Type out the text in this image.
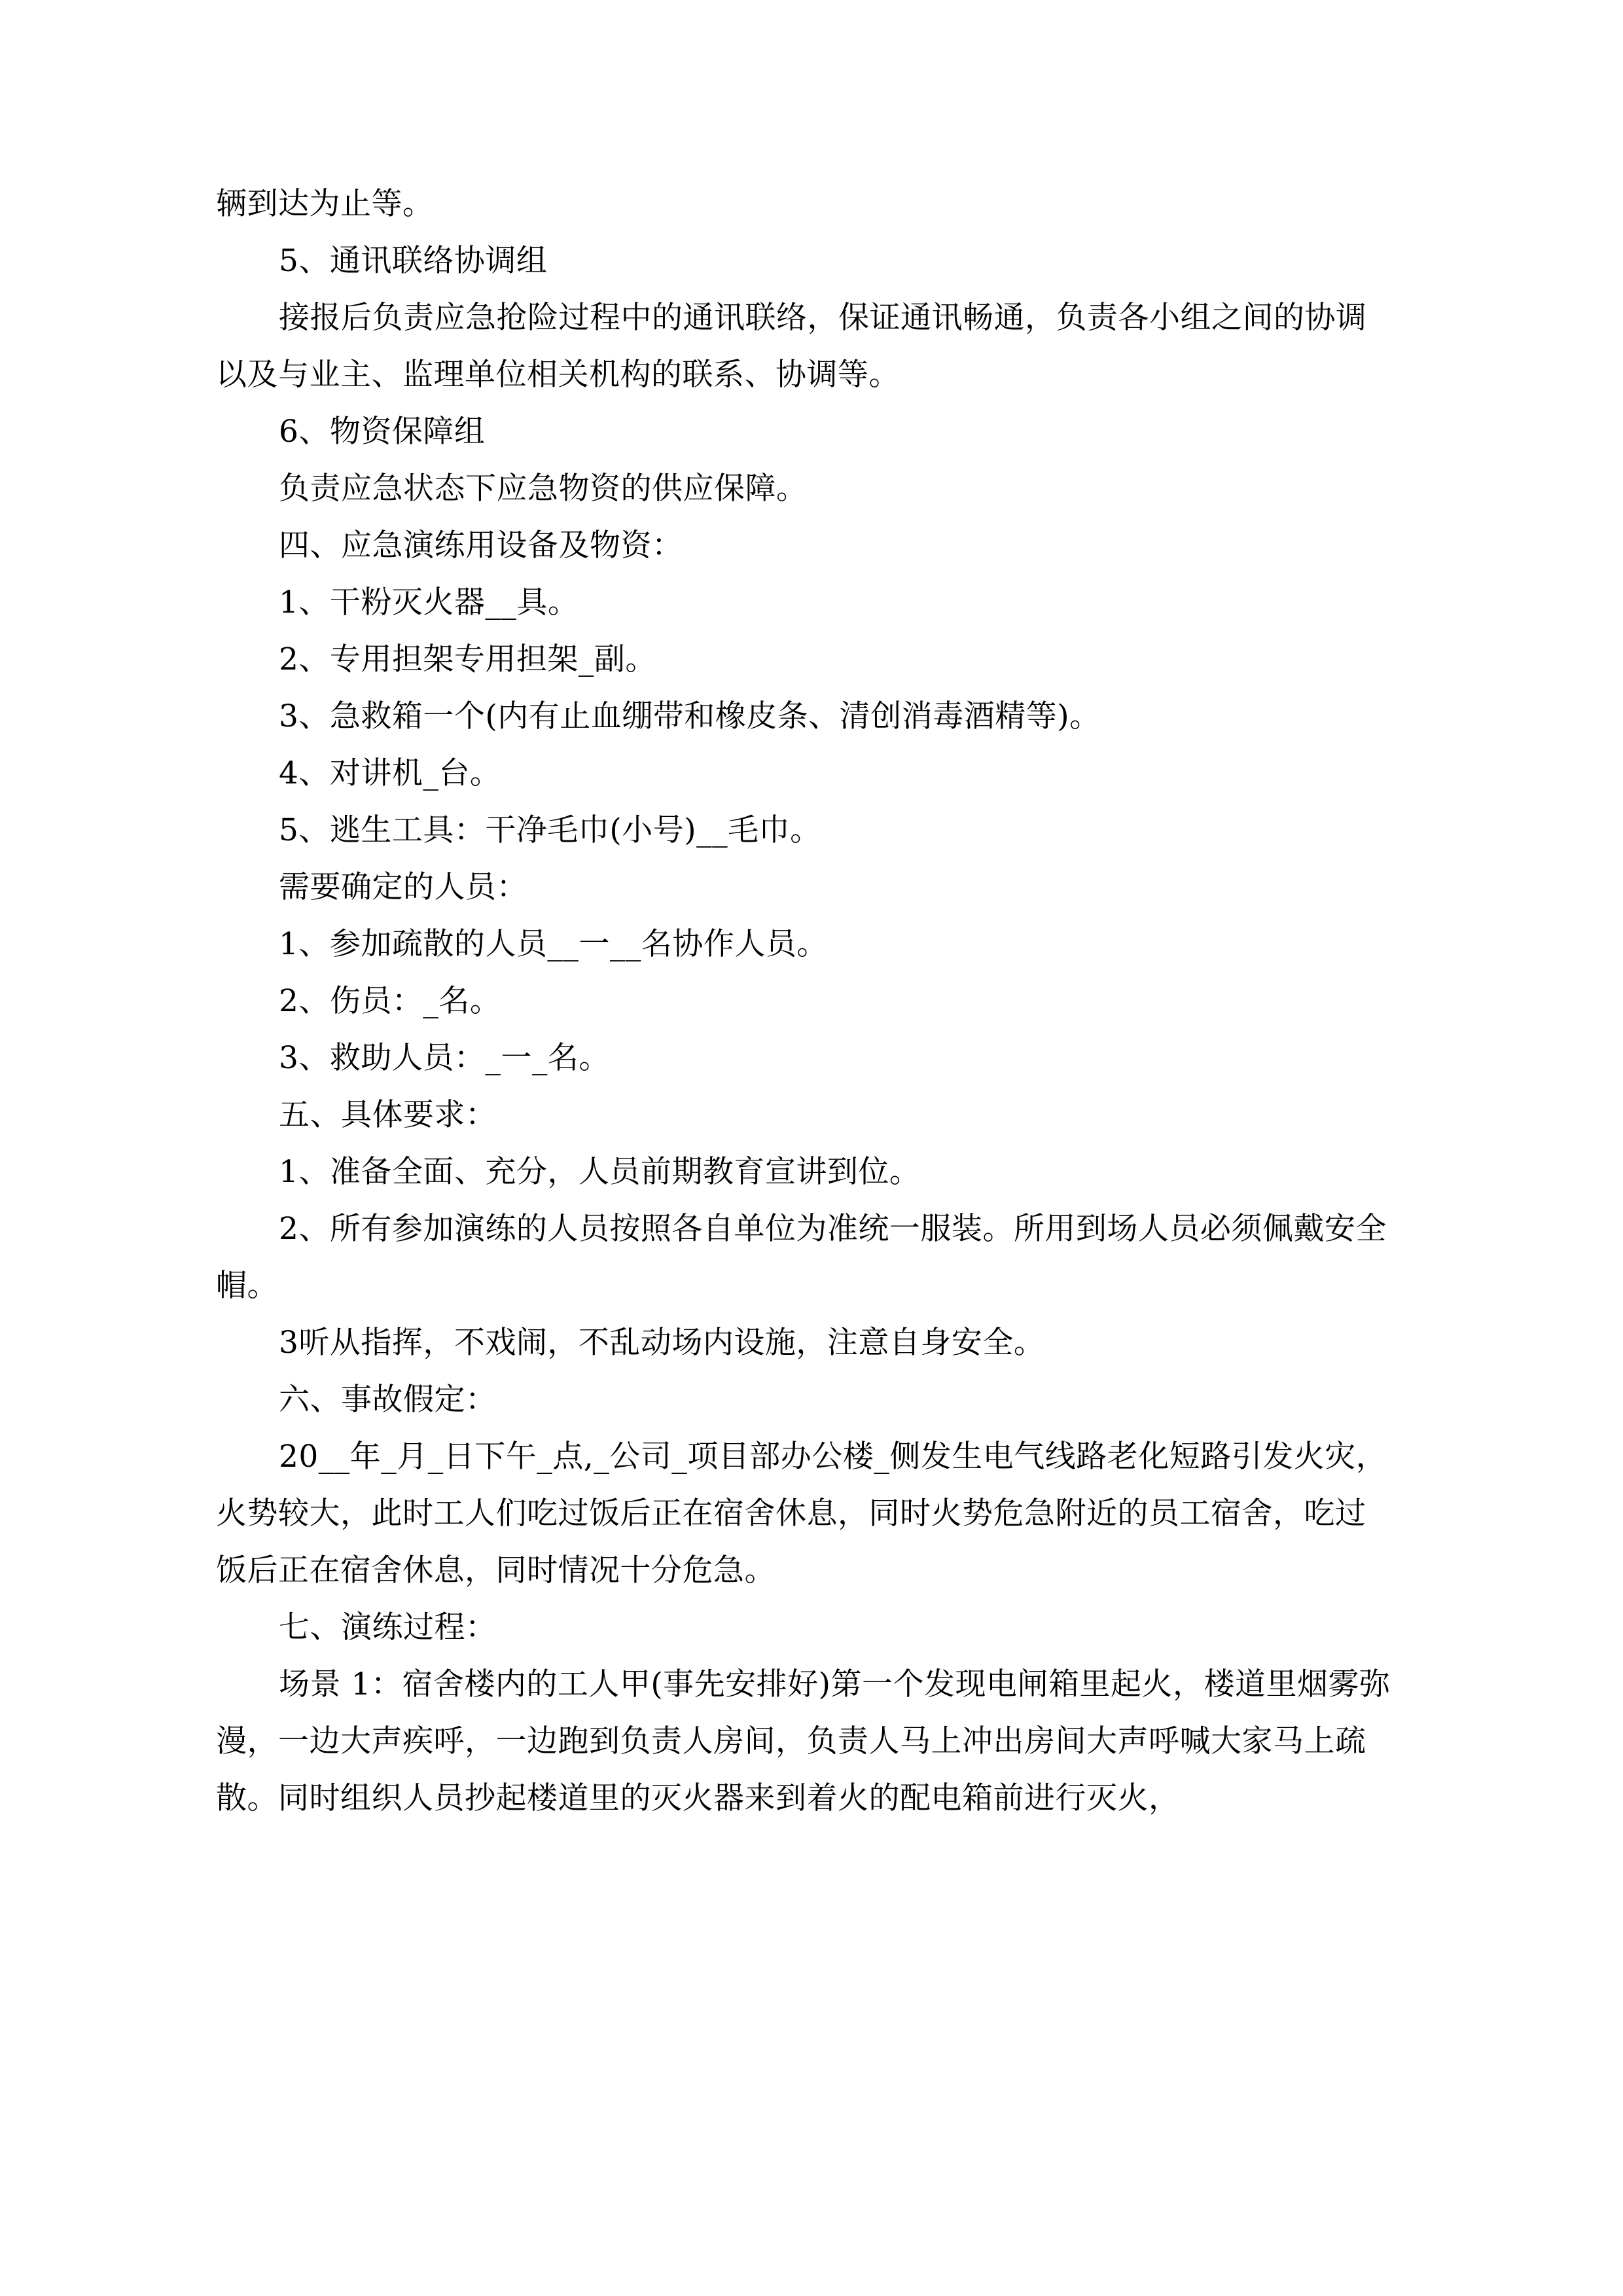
辆到达为止等。
5、通讯联络协调组
接报后负责应急抢险过程中的通讯联络，保证通讯畅通，负责各小组之间的协调以及与业主、监理单位相关机构的联系、协调等。
6、物资保障组
负责应急状态下应急物资的供应保障。
四、应急演练用设备及物资：
1、干粉灭火器__具。
2、专用担架专用担架_副。
3、急救箱一个(内有止血绷带和橡皮条、清创消毒酒精等)。
4、对讲机_台。
5、逃生工具：干净毛巾(小号)__毛巾。
需要确定的人员：
1、参加疏散的人员__一__名协作人员。
2、伤员：_名。
3、救助人员：_一_名。
五、具体要求：
1、准备全面、充分，人员前期教育宣讲到位。
2、所有参加演练的人员按照各自单位为准统一服装。所用到场人员必须佩戴安全帽。
3听从指挥，不戏闹，不乱动场内设施，注意自身安全。
六、事故假定：
20__年_月_日下午_点,_公司_项目部办公楼_侧发生电气线路老化短路引发火灾，火势较大，此时工人们吃过饭后正在宿舍休息，同时火势危急附近的员工宿舍，吃过饭后正在宿舍休息，同时情况十分危急。
七、演练过程：
场景 1：宿舍楼内的工人甲(事先安排好)第一个发现电闸箱里起火，楼道里烟雾弥漫，一边大声疾呼，一边跑到负责人房间，负责人马上冲出房间大声呼喊大家马上疏散。同时组织人员抄起楼道里的灭火器来到着火的配电箱前进行灭火，
